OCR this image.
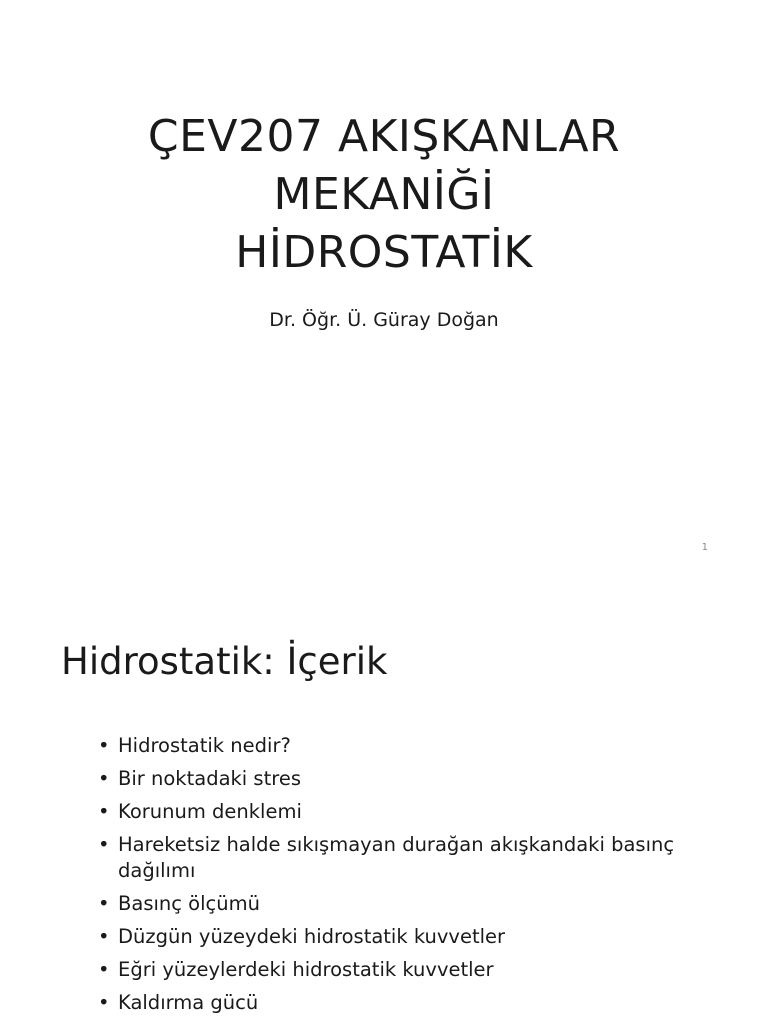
ÇEV207 AKIŞKANLAR
MEKANİĞİ
HİDROSTATİK

Dr. Öğr. Ü. Güray Doğan

1
Hidrostatik: İçerik
• Hidrostatik nedir?
• Bir noktadaki stres
• Korunum denklemi
• Hareketsiz halde sıkışmayan durağan akışkandaki basınç dağılımı
• Basınç ölçümü
• Düzgün yüzeydeki hidrostatik kuvvetler
• Eğri yüzeylerdeki hidrostatik kuvvetler
• Kaldırma gücü
